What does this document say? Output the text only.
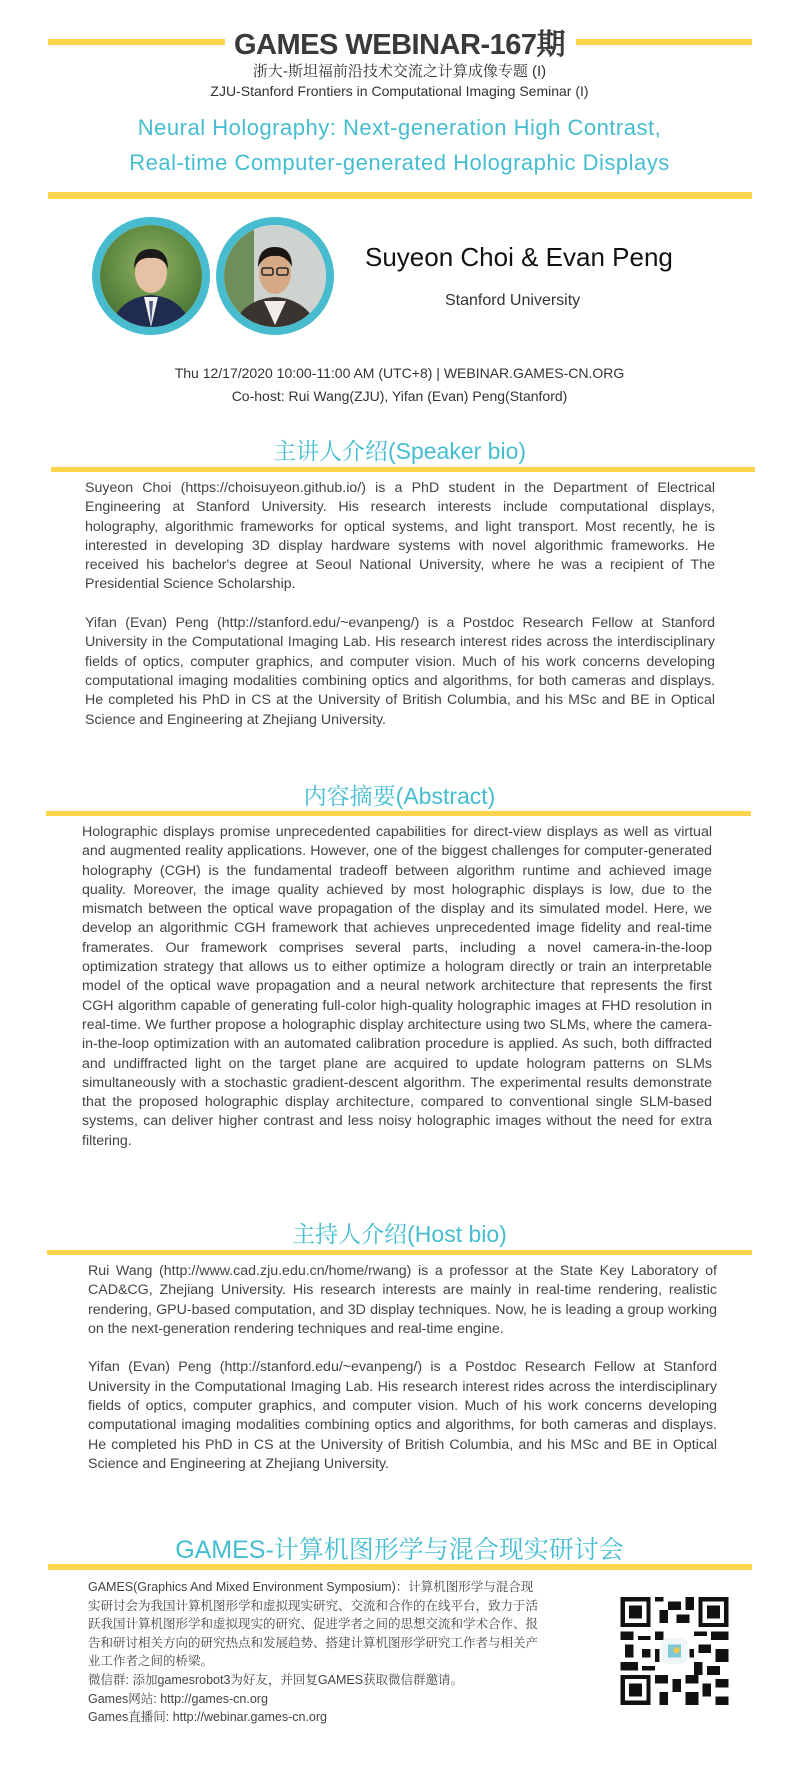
GAMES WEBINAR-167期
浙大-斯坦福前沿技术交流之计算成像专题 (I)
ZJU-Stanford Frontiers in Computational Imaging Seminar (I)
Neural Holography: Next-generation High Contrast,
Real-time Computer-generated Holographic Displays
Suyeon Choi & Evan Peng
Stanford University
Thu 12/17/2020 10:00-11:00 AM (UTC+8) | WEBINAR.GAMES-CN.ORG
Co-host: Rui Wang(ZJU), Yifan (Evan) Peng(Stanford)
主讲人介绍(Speaker bio)

Suyeon Choi (https://choisuyeon.github.io/) is a PhD student in the Department of Electrical Engineering at Stanford University. His research interests include computational displays, holography, algorithmic frameworks for optical systems, and light transport. Most recently, he is interested in developing 3D display hardware systems with novel algorithmic frameworks. He received his bachelor's degree at Seoul National University, where he was a recipient of The Presidential Science Scholarship.

Yifan (Evan) Peng (http://stanford.edu/~evanpeng/) is a Postdoc Research Fellow at Stanford University in the Computational Imaging Lab. His research interest rides across the interdisciplinary fields of optics, computer graphics, and computer vision. Much of his work concerns developing computational imaging modalities combining optics and algorithms, for both cameras and displays. He completed his PhD in CS at the University of British Columbia, and his MSc and BE in Optical Science and Engineering at Zhejiang University.

内容摘要(Abstract)
Holographic displays promise unprecedented capabilities for direct-view displays as well as virtual and augmented reality applications. However, one of the biggest challenges for computer-generated holography (CGH) is the fundamental tradeoff between algorithm runtime and achieved image quality. Moreover, the image quality achieved by most holographic displays is low, due to the mismatch between the optical wave propagation of the display and its simulated model. Here, we develop an algorithmic CGH framework that achieves unprecedented image fidelity and real-time framerates. Our framework comprises several parts, including a novel camera-in-the-loop optimization strategy that allows us to either optimize a hologram directly or train an interpretable model of the optical wave propagation and a neural network architecture that represents the first CGH algorithm capable of generating full-color high-quality holographic images at FHD resolution in real-time. We further propose a holographic display architecture using two SLMs, where the camera-in-the-loop optimization with an automated calibration procedure is applied. As such, both diffracted and undiffracted light on the target plane are acquired to update hologram patterns on SLMs simultaneously with a stochastic gradient-descent algorithm. The experimental results demonstrate that the proposed holographic display architecture, compared to conventional single SLM-based systems, can deliver higher contrast and less noisy holographic images without the need for extra filtering.
主持人介绍(Host bio)

Rui Wang (http://www.cad.zju.edu.cn/home/rwang) is a professor at the State Key Laboratory of CAD&CG, Zhejiang University. His research interests are mainly in real-time rendering, realistic rendering, GPU-based computation, and 3D display techniques. Now, he is leading a group working on the next-generation rendering techniques and real-time engine.

Yifan (Evan) Peng (http://stanford.edu/~evanpeng/) is a Postdoc Research Fellow at Stanford University in the Computational Imaging Lab. His research interest rides across the interdisciplinary fields of optics, computer graphics, and computer vision. Much of his work concerns developing computational imaging modalities combining optics and algorithms, for both cameras and displays. He completed his PhD in CS at the University of British Columbia, and his MSc and BE in Optical Science and Engineering at Zhejiang University.

GAMES-计算机图形学与混合现实研讨会
GAMES(Graphics And Mixed Environment Symposium)：计算机图形学与混合现
实研讨会为我国计算机图形学和虚拟现实研究、交流和合作的在线平台，致力于活
跃我国计算机图形学和虚拟现实的研究、促进学者之间的思想交流和学术合作、报
告和研讨相关方向的研究热点和发展趋势、搭建计算机图形学研究工作者与相关产
业工作者之间的桥梁。
微信群: 添加gamesrobot3为好友，并回复GAMES获取微信群邀请。
Games网站: http://games-cn.org
Games直播间: http://webinar.games-cn.org
